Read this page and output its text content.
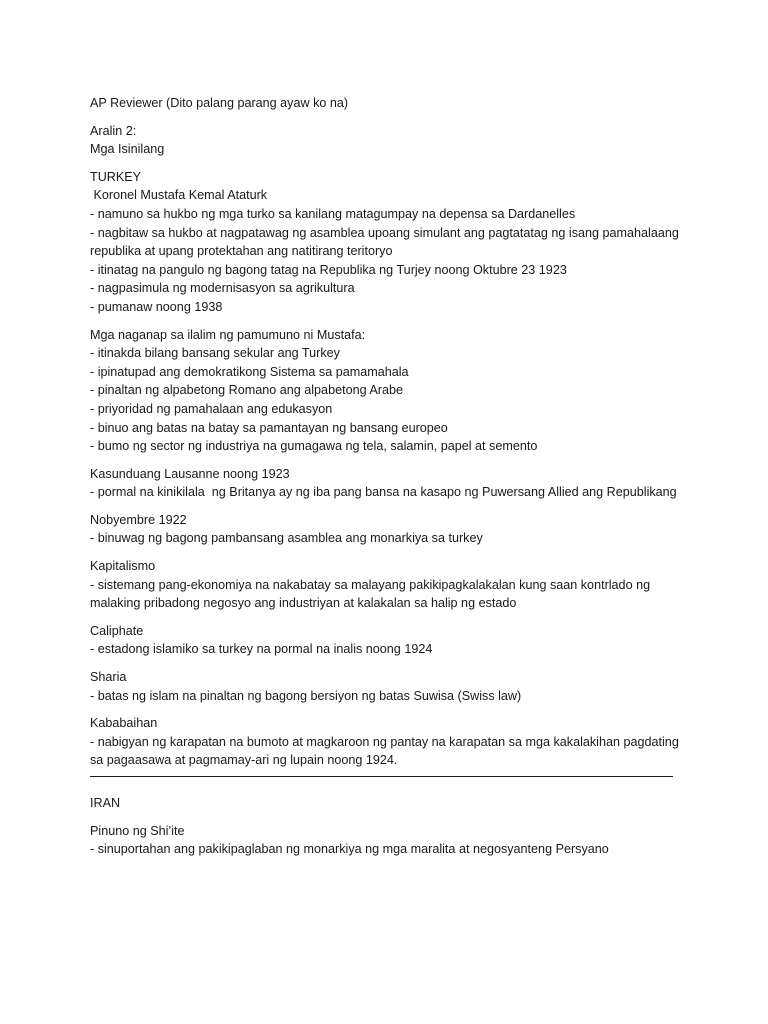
AP Reviewer (Dito palang parang ayaw ko na)
Aralin 2:
Mga Isinilang
TURKEY
Koronel Mustafa Kemal Ataturk
- namuno sa hukbo ng mga turko sa kanilang matagumpay na depensa sa Dardanelles
- nagbitaw sa hukbo at nagpatawag ng asamblea upoang simulant ang pagtatatag ng isang pamahalaang
republika at upang protektahan ang natitirang teritoryo
- itinatag na pangulo ng bagong tatag na Republika ng Turjey noong Oktubre 23 1923
- nagpasimula ng modernisasyon sa agrikultura
- pumanaw noong 1938
Mga naganap sa ilalim ng pamumuno ni Mustafa:
- itinakda bilang bansang sekular ang Turkey
- ipinatupad ang demokratikong Sistema sa pamamahala
- pinaltan ng alpabetong Romano ang alpabetong Arabe
- priyoridad ng pamahalaan ang edukasyon
- binuo ang batas na batay sa pamantayan ng bansang europeo
- bumo ng sector ng industriya na gumagawa ng tela, salamin, papel at semento
Kasunduang Lausanne noong 1923
- pormal na kinikilala  ng Britanya ay ng iba pang bansa na kasapo ng Puwersang Allied ang Republikang
Nobyembre 1922
- binuwag ng bagong pambansang asamblea ang monarkiya sa turkey
Kapitalismo
- sistemang pang-ekonomiya na nakabatay sa malayang pakikipagkalakalan kung saan kontrlado ng
malaking pribadong negosyo ang industriyan at kalakalan sa halip ng estado
Caliphate
- estadong islamiko sa turkey na pormal na inalis noong 1924
Sharia
- batas ng islam na pinaltan ng bagong bersiyon ng batas Suwisa (Swiss law)
Kababaihan
- nabigyan ng karapatan na bumoto at magkaroon ng pantay na karapatan sa mga kakalakihan pagdating
sa pagaasawa at pagmamay-ari ng lupain noong 1924.
IRAN
Pinuno ng Shi’ite
- sinuportahan ang pakikipaglaban ng monarkiya ng mga maralita at negosyanteng Persyano
